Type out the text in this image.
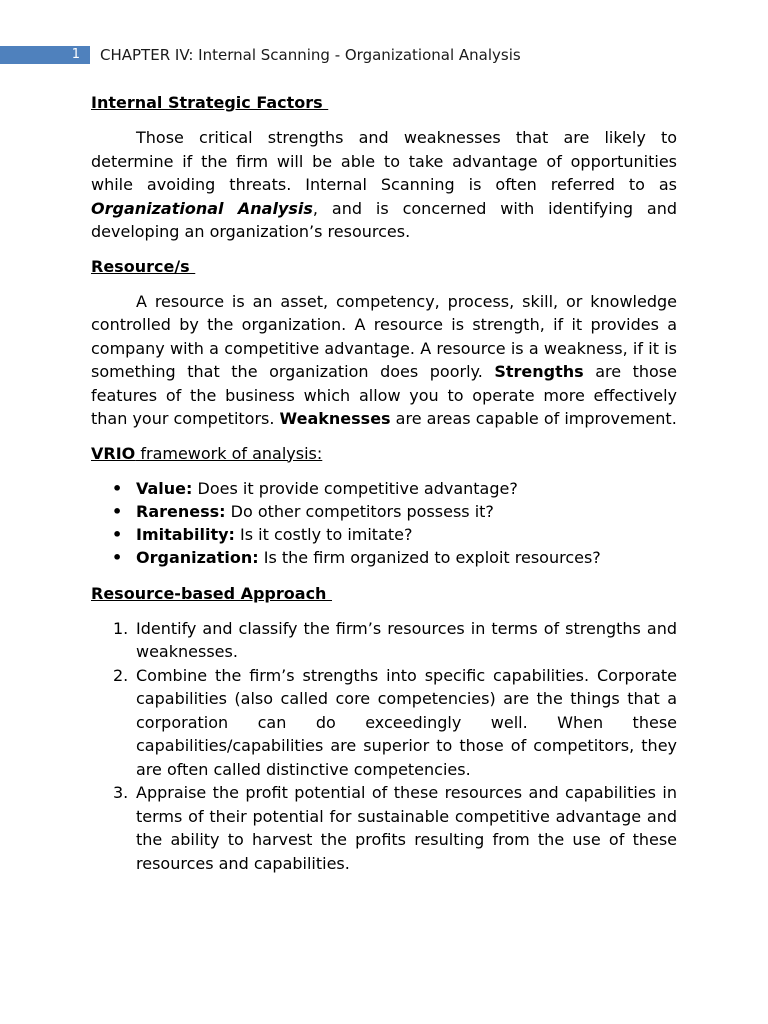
1	CHAPTER IV: Internal Scanning - Organizational Analysis
Internal Strategic Factors

Those critical strengths and weaknesses that are likely to determine if the firm will be able to take advantage of opportunities while avoiding threats. Internal Scanning is often referred to as Organizational Analysis, and is concerned with identifying and developing an organization’s resources.

Resource/s

A resource is an asset, competency, process, skill, or knowledge controlled by the organization. A resource is strength, if it provides a company with a competitive advantage. A resource is a weakness, if it is something that the organization does poorly. Strengths are those features of the business which allow you to operate more effectively than your competitors. Weaknesses are areas capable of improvement.

VRIO framework of analysis:
• Value: Does it provide competitive advantage?
• Rareness: Do other competitors possess it?
• Imitability: Is it costly to imitate?
• Organization: Is the firm organized to exploit resources?
Resource-based Approach
1. Identify and classify the firm’s resources in terms of strengths and weaknesses.
2. Combine the firm’s strengths into specific capabilities. Corporate capabilities (also called core competencies) are the things that a corporation can do exceedingly well. When these capabilities/capabilities are superior to those of competitors, they are often called distinctive competencies.
3. Appraise the profit potential of these resources and capabilities in terms of their potential for sustainable competitive advantage and the ability to harvest the profits resulting from the use of these resources and capabilities.
